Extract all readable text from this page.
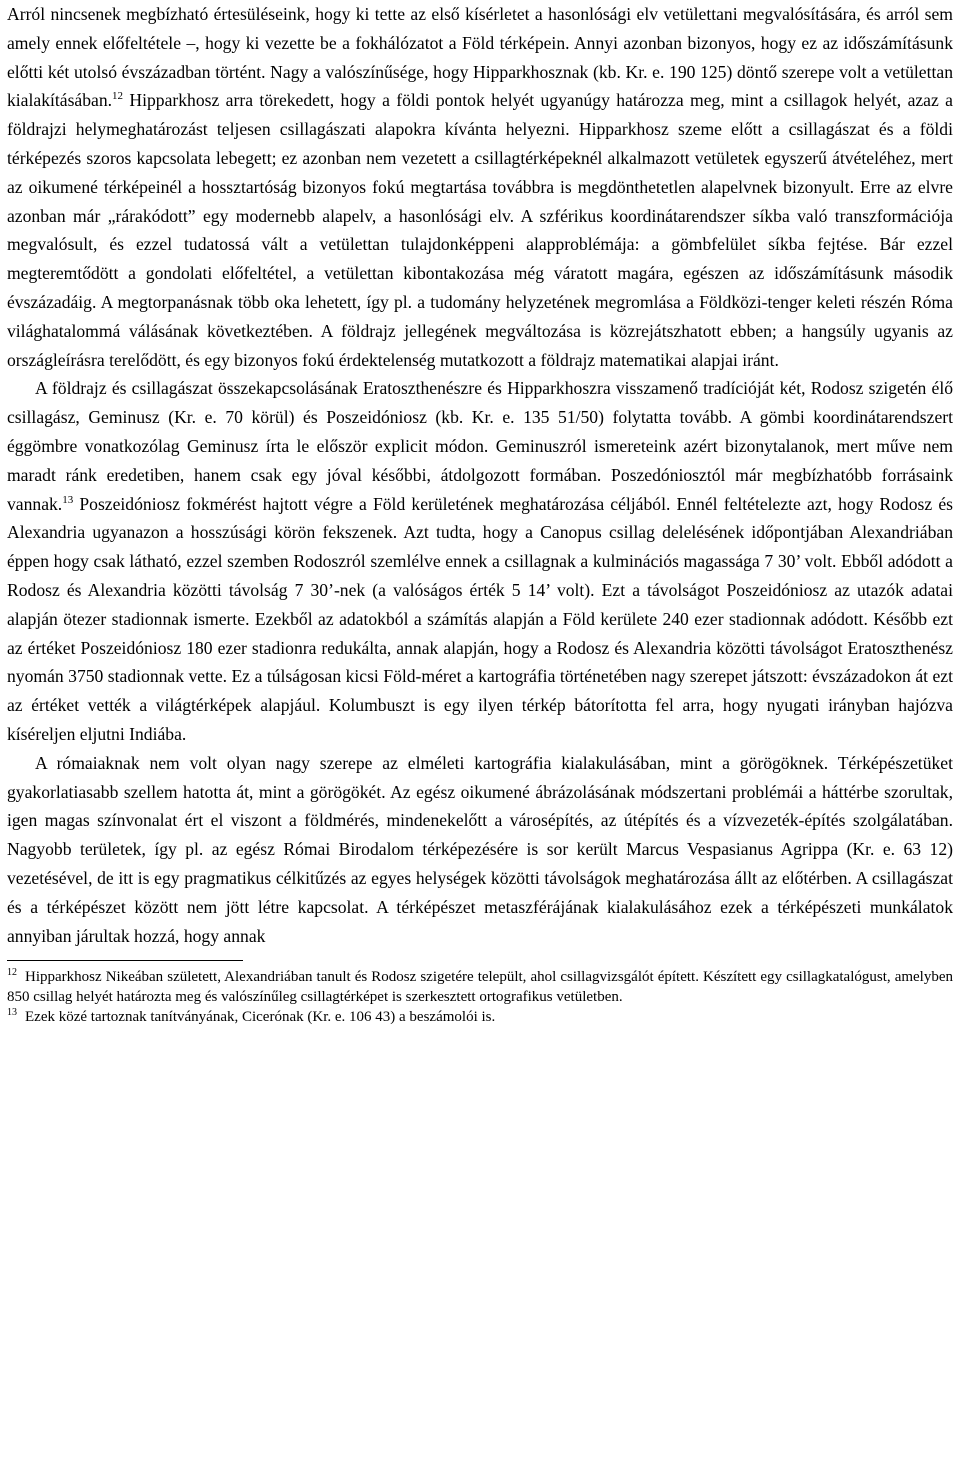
Arról nincsenek megbízható értesüléseink, hogy ki tette az első kísérletet a hasonlósági elv vetülettani megvalósítására, és arról sem amely ennek előfeltétele –, hogy ki vezette be a fokhálózatot a Föld térképein. Annyi azonban bizonyos, hogy ez az időszámításunk előtti két utolsó évszázadban történt. Nagy a valószínűsége, hogy Hipparkhosznak (kb. Kr. e. 190 125) döntő szerepe volt a vetülettan kialakításában.$^{12}$ Hipparkhosz arra törekedett, hogy a földi pontok helyét ugyanúgy határozza meg, mint a csillagok helyét, azaz a földrajzi helymeghatározást teljesen csillagászati alapokra kívánta helyezni. Hipparkhosz szeme előtt a csillagászat és a földi térképezés szoros kapcsolata lebegett; ez azonban nem vezetett a csillagtérképeknél alkalmazott vetületek egyszerű átvételéhez, mert az oikumené térképeinél a hossztartóság bizonyos fokú megtartása továbbra is megdönthetetlen alapelvnek bizonyult. Erre az elvre azonban már „rárakódott” egy modernebb alapelv, a hasonlósági elv. A szférikus koordinátarendszer síkba való transzformációja megvalósult, és ezzel tudatossá vált a vetülettan tulajdonképpeni alapproblémája: a gömbfelület síkba fejtése. Bár ezzel megteremtődött a gondolati előfeltétel, a vetülettan kibontakozása még váratott magára, egészen az időszámításunk második évszázadáig. A megtorpanásnak több oka lehetett, így pl. a tudomány helyzetének megromlása a Földközi-tenger keleti részén Róma világhatalommá válásának következtében. A földrajz jellegének megváltozása is közrejátszhatott ebben; a hangsúly ugyanis az országleírásra terelődött, és egy bizonyos fokú érdektelenség mutatkozott a földrajz matematikai alapjai iránt.

A földrajz és csillagászat összekapcsolásának Eratoszthenészre és Hipparkhoszra visszamenő tradícióját két, Rodosz szigetén élő csillagász, Geminusz (Kr. e. 70 körül) és Poszeidóniosz (kb. Kr. e. 135 51/50) folytatta tovább. A gömbi koordinátarendszert éggömbre vonatkozólag Geminusz írta le először explicit módon. Geminuszról ismereteink azért bizonytalanok, mert műve nem maradt ránk eredetiben, hanem csak egy jóval későbbi, átdolgozott formában. Poszedóniosztól már megbízhatóbb forrásaink vannak.$^{13}$ Poszeidóniosz fokmérést hajtott végre a Föld kerületének meghatározása céljából. Ennél feltételezte azt, hogy Rodosz és Alexandria ugyanazon a hosszúsági körön fekszenek. Azt tudta, hogy a Canopus csillag delelésének időpontjában Alexandriában éppen hogy csak látható, ezzel szemben Rodoszról szemlélve ennek a csillagnak a kulminációs magassága 7 30’ volt. Ebből adódott a Rodosz és Alexandria közötti távolság 7 30’-nek (a valóságos érték 5 14’ volt). Ezt a távolságot Poszeidóniosz az utazók adatai alapján ötezer stadionnak ismerte. Ezekből az adatokból a számítás alapján a Föld kerülete 240 ezer stadionnak adódott. Később ezt az értéket Poszeidóniosz 180 ezer stadionra redukálta, annak alapján, hogy a Rodosz és Alexandria közötti távolságot Eratoszthenész nyomán 3750 stadionnak vette. Ez a túlságosan kicsi Föld-méret a kartográfia történetében nagy szerepet játszott: évszázadokon át ezt az értéket vették a világtérképek alapjául. Kolumbuszt is egy ilyen térkép bátorította fel arra, hogy nyugati irányban hajózva kíséreljen eljutni Indiába.

A rómaiaknak nem volt olyan nagy szerepe az elméleti kartográfia kialakulásában, mint a görögöknek. Térképészetüket gyakorlatiasabb szellem hatotta át, mint a görögökét. Az egész oikumené ábrázolásának módszertani problémái a háttérbe szorultak, igen magas színvonalat ért el viszont a földmérés, mindenekelőtt a városépítés, az útépítés és a vízvezeték-építés szolgálatában. Nagyobb területek, így pl. az egész Római Birodalom térképezésére is sor került Marcus Vespasianus Agrippa (Kr. e. 63 12) vezetésével, de itt is egy pragmatikus célkitűzés az egyes helységek közötti távolságok meghatározása állt az előtérben. A csillagászat és a térképészet között nem jött létre kapcsolat. A térképészet metaszférájának kialakulásához ezek a térképészeti munkálatok annyiban járultak hozzá, hogy annak

$^{12}$ Hipparkhosz Nikeában született, Alexandriában tanult és Rodosz szigetére települt, ahol csillagvizsgálót épített. Készített egy csillagkatalógust, amelyben 850 csillag helyét határozta meg és valószínűleg csillagtérképet is szerkesztett ortografikus vetületben.

$^{13}$ Ezek közé tartoznak tanítványának, Cicerónak (Kr. e. 106 43) a beszámolói is.
